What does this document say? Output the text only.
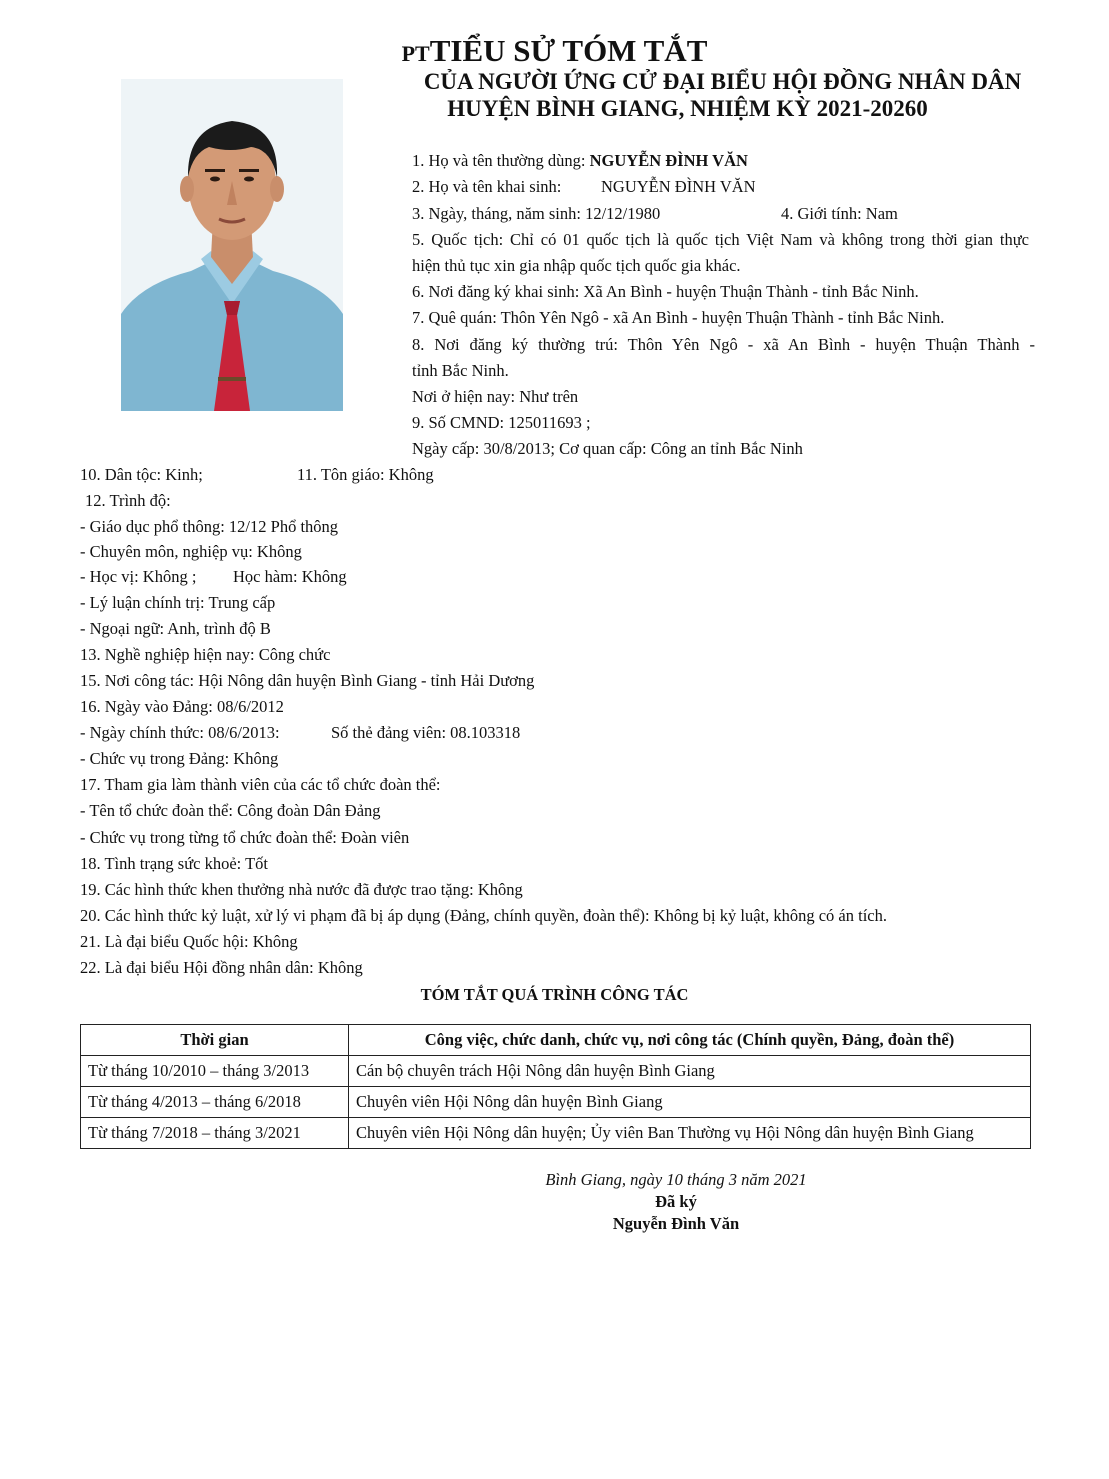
PTTIỂU SỬ TÓM TẮT
CỦA NGƯỜI ỨNG CỬ ĐẠI BIỂU HỘI ĐỒNG NHÂN DÂN
HUYỆN BÌNH GIANG, NHIỆM KỲ 2021-20260
1. Họ và tên thường dùng: NGUYỄN ĐÌNH VĂN
2. Họ và tên khai sinh: NGUYỄN ĐÌNH VĂN
3. Ngày, tháng, năm sinh: 12/12/1980	4. Giới tính: Nam
5. Quốc tịch: Chỉ có 01 quốc tịch là quốc tịch Việt Nam và không trong thời gian thực
hiện thủ tục xin gia nhập quốc tịch quốc gia khác.
6. Nơi đăng ký khai sinh: Xã An Bình - huyện Thuận Thành - tỉnh Bắc Ninh.
7. Quê quán: Thôn Yên Ngô - xã An Bình - huyện Thuận Thành - tỉnh Bắc Ninh.
8. Nơi đăng ký thường trú: Thôn Yên Ngô - xã An Bình - huyện Thuận Thành -
tỉnh Bắc Ninh.
Nơi ở hiện nay: Như trên
9. Số CMND: 125011693 ;
Ngày cấp: 30/8/2013; Cơ quan cấp: Công an tỉnh Bắc Ninh
10. Dân tộc: Kinh;	11. Tôn giáo: Không
12. Trình độ:
- Giáo dục phổ thông: 12/12 Phổ thông
- Chuyên môn, nghiệp vụ: Không
- Học vị: Không ; Học hàm: Không
- Lý luận chính trị: Trung cấp
- Ngoại ngữ: Anh, trình độ B
13. Nghề nghiệp hiện nay: Công chức
15. Nơi công tác: Hội Nông dân huyện Bình Giang - tỉnh Hải Dương
16. Ngày vào Đảng: 08/6/2012
- Ngày chính thức: 08/6/2013:	Số thẻ đảng viên: 08.103318
- Chức vụ trong Đảng: Không
17. Tham gia làm thành viên của các tổ chức đoàn thể:
- Tên tổ chức đoàn thể: Công đoàn Dân Đảng
- Chức vụ trong từng tổ chức đoàn thể: Đoàn viên
18. Tình trạng sức khoẻ: Tốt
19. Các hình thức khen thưởng nhà nước đã được trao tặng: Không
20. Các hình thức kỷ luật, xử lý vi phạm đã bị áp dụng (Đảng, chính quyền, đoàn thể): Không bị kỷ luật, không có án tích.
21. Là đại biểu Quốc hội: Không
22. Là đại biểu Hội đồng nhân dân: Không
TÓM TẮT QUÁ TRÌNH CÔNG TÁC
Thời gian	Công việc, chức danh, chức vụ, nơi công tác (Chính quyền, Đảng, đoàn thể)
Từ tháng 10/2010 – tháng 3/2013	Cán bộ chuyên trách Hội Nông dân huyện Bình Giang
Từ tháng 4/2013 – tháng 6/2018	Chuyên viên Hội Nông dân huyện Bình Giang
Từ tháng 7/2018 – tháng 3/2021	Chuyên viên Hội Nông dân huyện; Ủy viên Ban Thường vụ Hội Nông dân huyện Bình Giang
Bình Giang, ngày 10 tháng 3 năm 2021
Đã ký
Nguyễn Đình Văn
